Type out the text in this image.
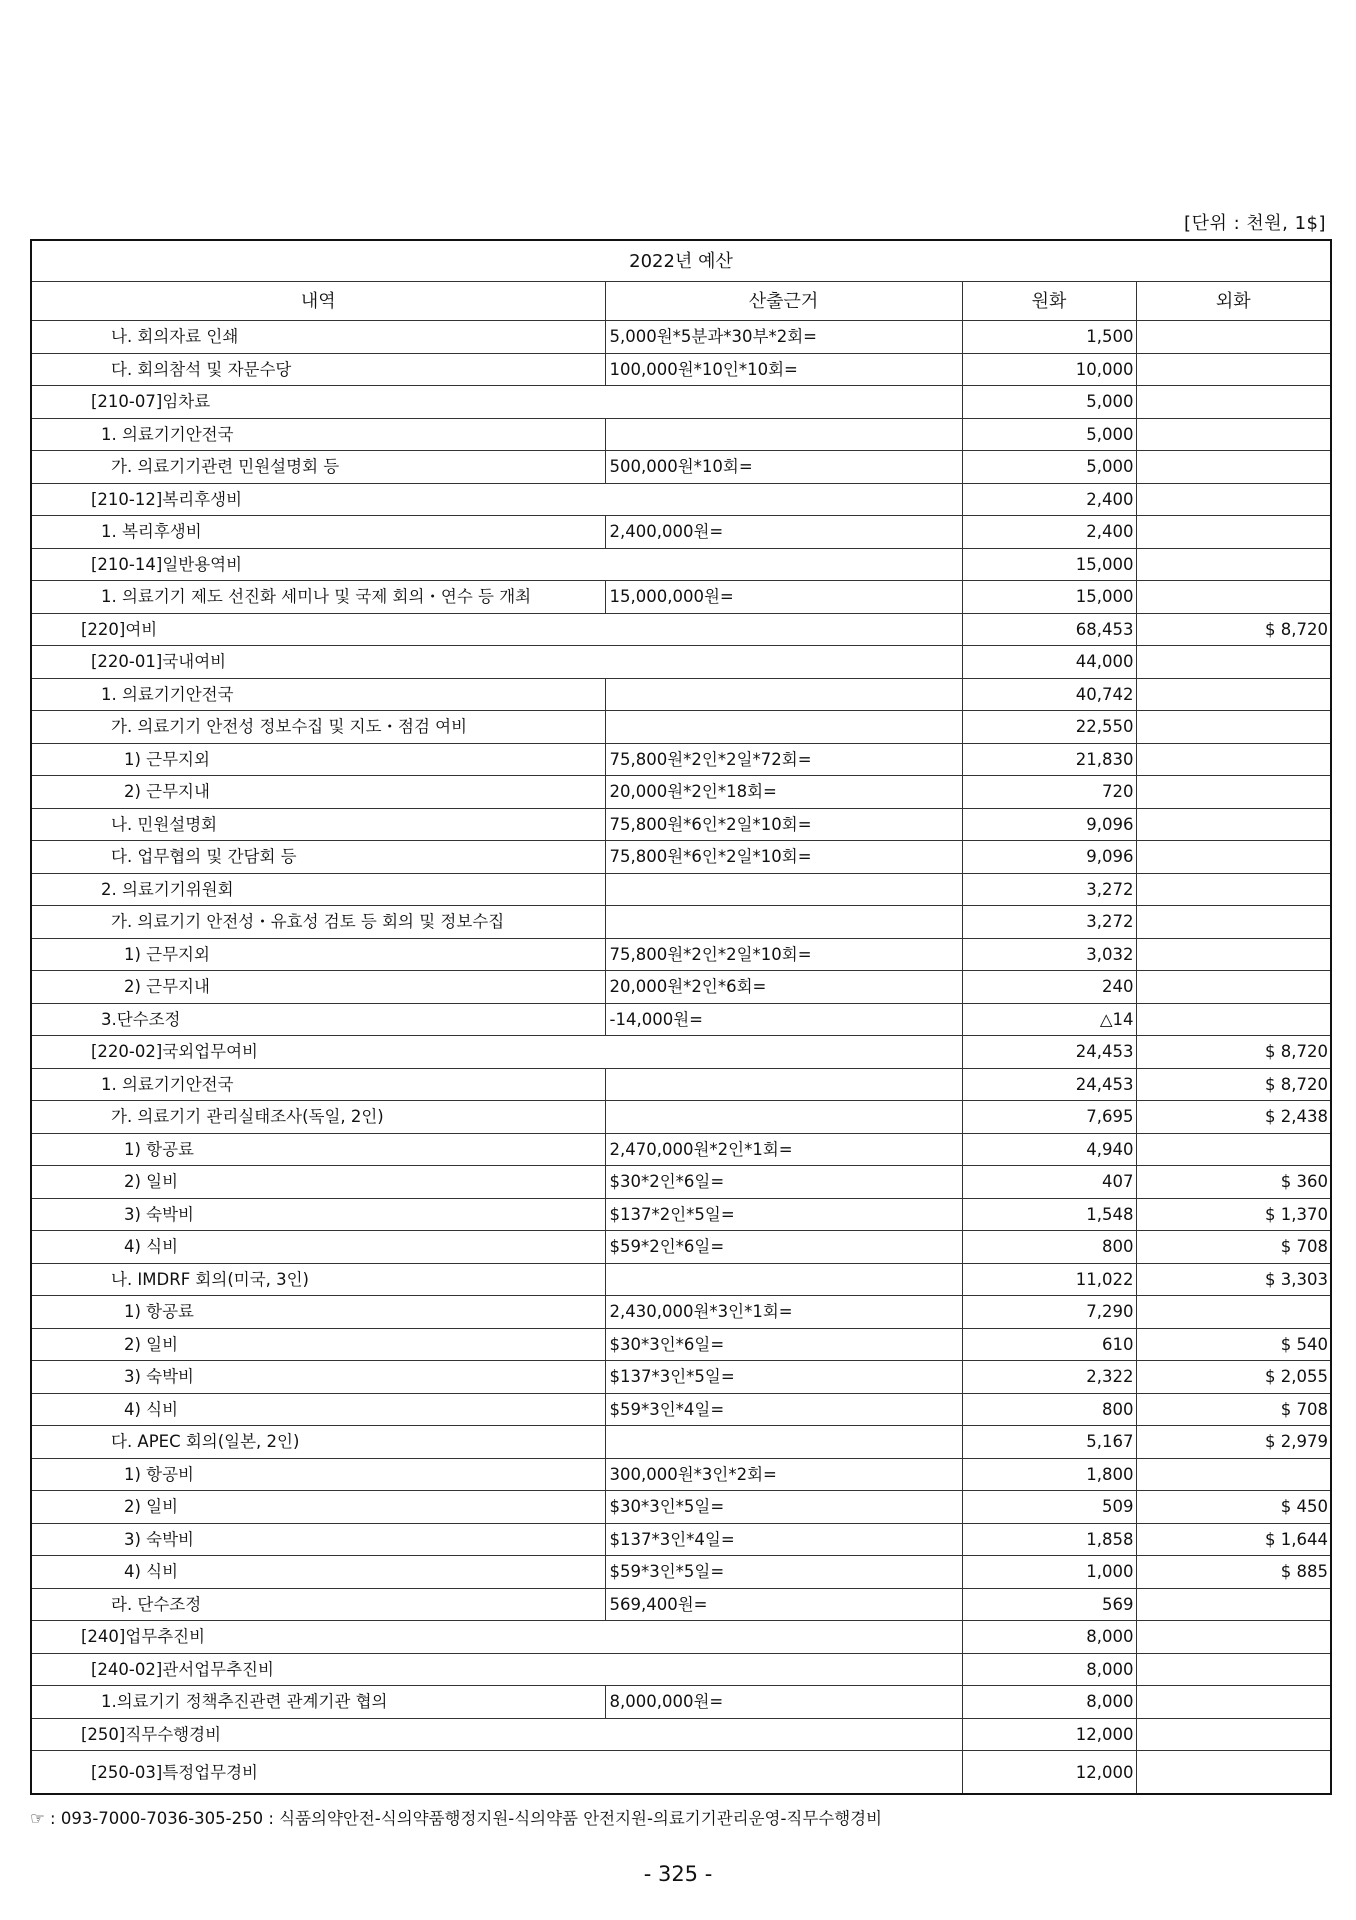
[단위 : 천원, 1$]
2022년 예산			
내역	산출근거	원화	외화
나. 회의자료 인쇄	5,000원*5분과*30부*2회=	1,500	
다. 회의참석 및 자문수당	100,000원*10인*10회=	10,000	
[210-07]임차료		5,000	
1. 의료기기안전국		5,000	
가. 의료기기관련 민원설명회 등	500,000원*10회=	5,000	
[210-12]복리후생비		2,400	
1. 복리후생비	2,400,000원=	2,400	
[210-14]일반용역비		15,000	
1. 의료기기 제도 선진화 세미나 및 국제 회의・연수 등 개최	15,000,000원=	15,000	
[220]여비		68,453	$ 8,720
[220-01]국내여비		44,000	
1. 의료기기안전국		40,742	
가. 의료기기 안전성 정보수집 및 지도・점검 여비		22,550	
1) 근무지외	75,800원*2인*2일*72회=	21,830	
2) 근무지내	20,000원*2인*18회=	720	
나. 민원설명회	75,800원*6인*2일*10회=	9,096	
다. 업무협의 및 간담회 등	75,800원*6인*2일*10회=	9,096	
2. 의료기기위원회		3,272	
가. 의료기기 안전성・유효성 검토 등 회의 및 정보수집		3,272	
1) 근무지외	75,800원*2인*2일*10회=	3,032	
2) 근무지내	20,000원*2인*6회=	240	
3.단수조정	-14,000원=	△14	
[220-02]국외업무여비		24,453	$ 8,720
1. 의료기기안전국		24,453	$ 8,720
가. 의료기기 관리실태조사(독일, 2인)		7,695	$ 2,438
1) 항공료	2,470,000원*2인*1회=	4,940	
2) 일비	$30*2인*6일=	407	$ 360
3) 숙박비	$137*2인*5일=	1,548	$ 1,370
4) 식비	$59*2인*6일=	800	$ 708
나. IMDRF 회의(미국, 3인)		11,022	$ 3,303
1) 항공료	2,430,000원*3인*1회=	7,290	
2) 일비	$30*3인*6일=	610	$ 540
3) 숙박비	$137*3인*5일=	2,322	$ 2,055
4) 식비	$59*3인*4일=	800	$ 708
다. APEC 회의(일본, 2인)		5,167	$ 2,979
1) 항공비	300,000원*3인*2회=	1,800	
2) 일비	$30*3인*5일=	509	$ 450
3) 숙박비	$137*3인*4일=	1,858	$ 1,644
4) 식비	$59*3인*5일=	1,000	$ 885
라. 단수조정	569,400원=	569	
[240]업무추진비		8,000	
[240-02]관서업무추진비		8,000	
1.의료기기 정책추진관련 관계기관 협의	8,000,000원=	8,000	
[250]직무수행경비		12,000	
[250-03]특정업무경비		12,000	
☞ : 093-7000-7036-305-250 : 식품의약안전-식의약품행정지원-식의약품 안전지원-의료기기관리운영-직무수행경비
- 325 -
